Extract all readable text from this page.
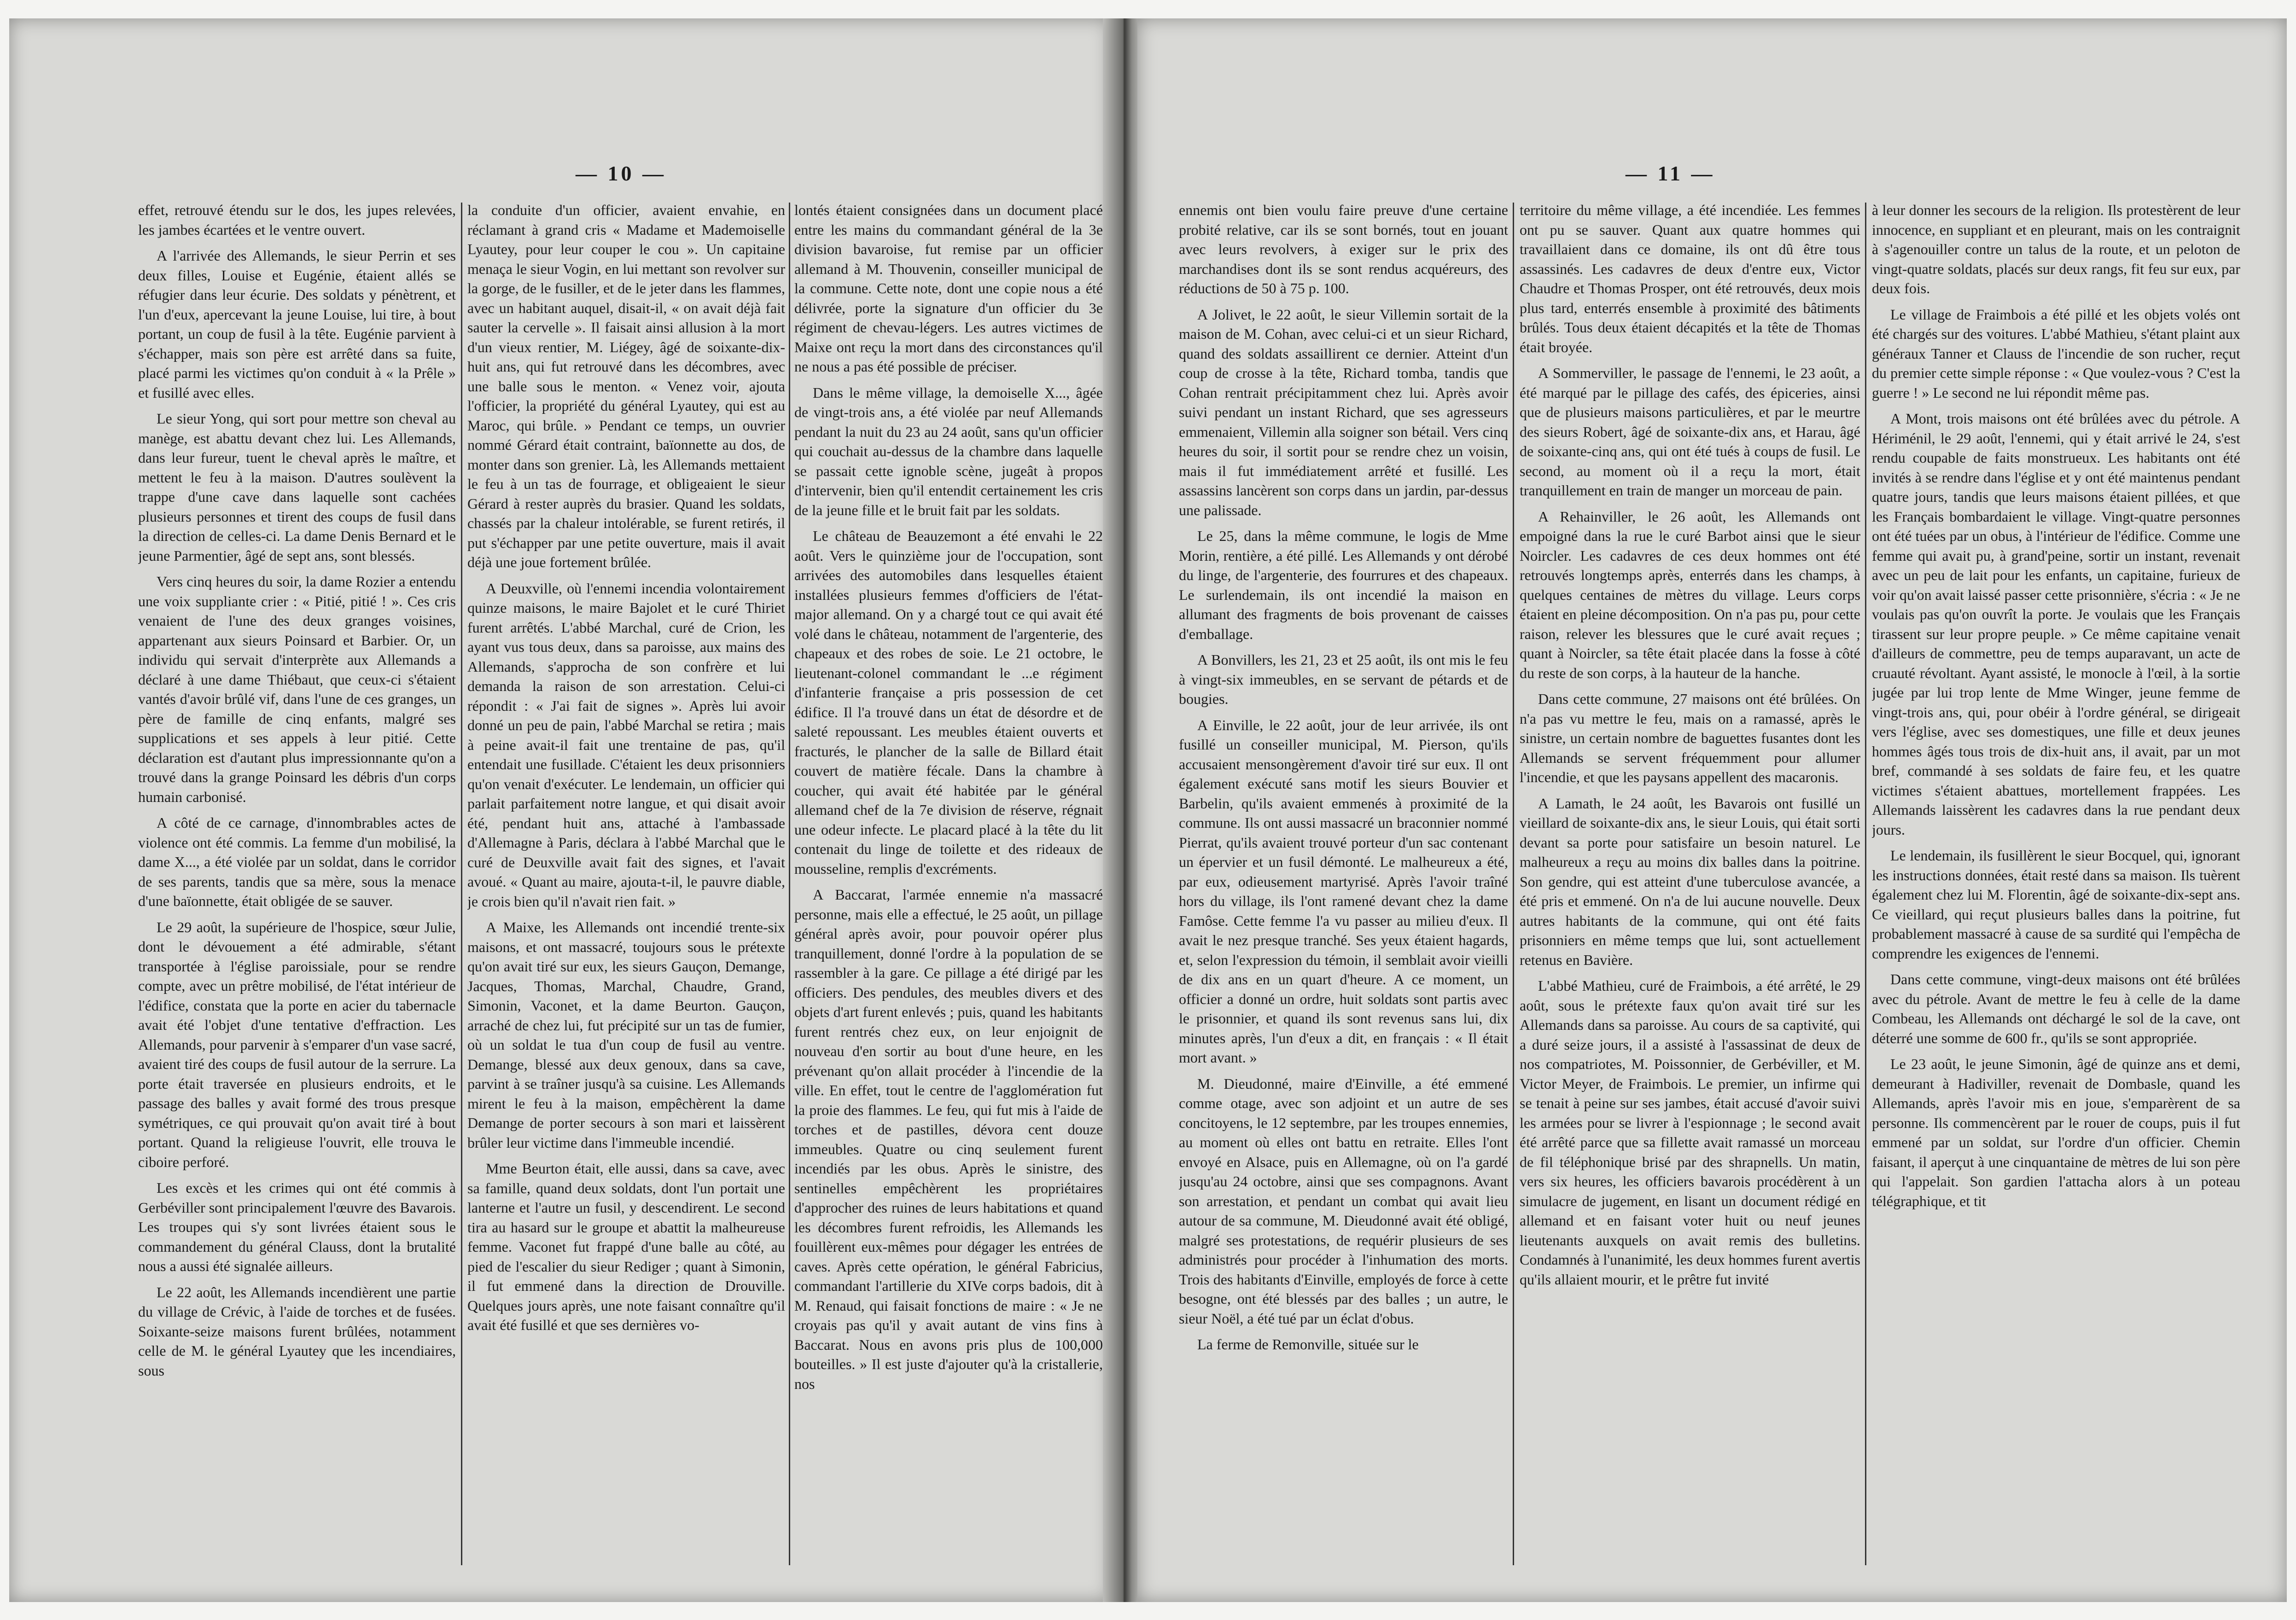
— 10 —

effet, retrouvé étendu sur le dos, les jupes relevées, les jambes écartées et le ventre ouvert.

A l'arrivée des Allemands, le sieur Perrin et ses deux filles, Louise et Eugénie, étaient allés se réfugier dans leur écurie. Des soldats y pénètrent, et l'un d'eux, apercevant la jeune Louise, lui tire, à bout portant, un coup de fusil à la tête. Eugénie parvient à s'échapper, mais son père est arrêté dans sa fuite, placé parmi les victimes qu'on conduit à « la Prêle » et fusillé avec elles.

Le sieur Yong, qui sort pour mettre son cheval au manège, est abattu devant chez lui. Les Allemands, dans leur fureur, tuent le cheval après le maître, et mettent le feu à la maison. D'autres soulèvent la trappe d'une cave dans laquelle sont cachées plusieurs personnes et tirent des coups de fusil dans la direction de celles-ci. La dame Denis Bernard et le jeune Parmentier, âgé de sept ans, sont blessés.

Vers cinq heures du soir, la dame Rozier a entendu une voix suppliante crier : « Pitié, pitié ! ». Ces cris venaient de l'une des deux granges voisines, appartenant aux sieurs Poinsard et Barbier. Or, un individu qui servait d'interprète aux Allemands a déclaré à une dame Thiébaut, que ceux-ci s'étaient vantés d'avoir brûlé vif, dans l'une de ces granges, un père de famille de cinq enfants, malgré ses supplications et ses appels à leur pitié. Cette déclaration est d'autant plus impressionnante qu'on a trouvé dans la grange Poinsard les débris d'un corps humain carbonisé.

A côté de ce carnage, d'innombrables actes de violence ont été commis. La femme d'un mobilisé, la dame X..., a été violée par un soldat, dans le corridor de ses parents, tandis que sa mère, sous la menace d'une baïonnette, était obligée de se sauver.

Le 29 août, la supérieure de l'hospice, sœur Julie, dont le dévouement a été admirable, s'étant transportée à l'église paroissiale, pour se rendre compte, avec un prêtre mobilisé, de l'état intérieur de l'édifice, constata que la porte en acier du tabernacle avait été l'objet d'une tentative d'effraction. Les Allemands, pour parvenir à s'emparer d'un vase sacré, avaient tiré des coups de fusil autour de la serrure. La porte était traversée en plusieurs endroits, et le passage des balles y avait formé des trous presque symétriques, ce qui prouvait qu'on avait tiré à bout portant. Quand la religieuse l'ouvrit, elle trouva le ciboire perforé.

Les excès et les crimes qui ont été commis à Gerbéviller sont principalement l'œuvre des Bavarois. Les troupes qui s'y sont livrées étaient sous le commandement du général Clauss, dont la brutalité nous a aussi été signalée ailleurs.

Le 22 août, les Allemands incendièrent une partie du village de Crévic, à l'aide de torches et de fusées. Soixante-seize maisons furent brûlées, notamment celle de M. le général Lyautey que les incendiaires, sous

la conduite d'un officier, avaient envahie, en réclamant à grand cris « Madame et Mademoiselle Lyautey, pour leur couper le cou ». Un capitaine menaça le sieur Vogin, en lui mettant son revolver sur la gorge, de le fusiller, et de le jeter dans les flammes, avec un habitant auquel, disait-il, « on avait déjà fait sauter la cervelle ». Il faisait ainsi allusion à la mort d'un vieux rentier, M. Liégey, âgé de soixante-dix-huit ans, qui fut retrouvé dans les décombres, avec une balle sous le menton. « Venez voir, ajouta l'officier, la propriété du général Lyautey, qui est au Maroc, qui brûle. » Pendant ce temps, un ouvrier nommé Gérard était contraint, baïonnette au dos, de monter dans son grenier. Là, les Allemands mettaient le feu à un tas de fourrage, et obligeaient le sieur Gérard à rester auprès du brasier. Quand les soldats, chassés par la chaleur intolérable, se furent retirés, il put s'échapper par une petite ouverture, mais il avait déjà une joue fortement brûlée.

A Deuxville, où l'ennemi incendia volontairement quinze maisons, le maire Bajolet et le curé Thiriet furent arrêtés. L'abbé Marchal, curé de Crion, les ayant vus tous deux, dans sa paroisse, aux mains des Allemands, s'approcha de son confrère et lui demanda la raison de son arrestation. Celui-ci répondit : « J'ai fait de signes ». Après lui avoir donné un peu de pain, l'abbé Marchal se retira ; mais à peine avait-il fait une trentaine de pas, qu'il entendait une fusillade. C'étaient les deux prisonniers qu'on venait d'exécuter. Le lendemain, un officier qui parlait parfaitement notre langue, et qui disait avoir été, pendant huit ans, attaché à l'ambassade d'Allemagne à Paris, déclara à l'abbé Marchal que le curé de Deuxville avait fait des signes, et l'avait avoué. « Quant au maire, ajouta-t-il, le pauvre diable, je crois bien qu'il n'avait rien fait. »

A Maixe, les Allemands ont incendié trente-six maisons, et ont massacré, toujours sous le prétexte qu'on avait tiré sur eux, les sieurs Gauçon, Demange, Jacques, Thomas, Marchal, Chaudre, Grand, Simonin, Vaconet, et la dame Beurton. Gauçon, arraché de chez lui, fut précipité sur un tas de fumier, où un soldat le tua d'un coup de fusil au ventre. Demange, blessé aux deux genoux, dans sa cave, parvint à se traîner jusqu'à sa cuisine. Les Allemands mirent le feu à la maison, empêchèrent la dame Demange de porter secours à son mari et laissèrent brûler leur victime dans l'immeuble incendié.

Mme Beurton était, elle aussi, dans sa cave, avec sa famille, quand deux soldats, dont l'un portait une lanterne et l'autre un fusil, y descendirent. Le second tira au hasard sur le groupe et abattit la malheureuse femme. Vaconet fut frappé d'une balle au côté, au pied de l'escalier du sieur Rediger ; quant à Simonin, il fut emmené dans la direction de Drouville. Quelques jours après, une note faisant connaître qu'il avait été fusillé et que ses dernières vo-

lontés étaient consignées dans un document placé entre les mains du commandant général de la 3e division bavaroise, fut remise par un officier allemand à M. Thouvenin, conseiller municipal de la commune. Cette note, dont une copie nous a été délivrée, porte la signature d'un officier du 3e régiment de chevau-légers. Les autres victimes de Maixe ont reçu la mort dans des circonstances qu'il ne nous a pas été possible de préciser.

Dans le même village, la demoiselle X..., âgée de vingt-trois ans, a été violée par neuf Allemands pendant la nuit du 23 au 24 août, sans qu'un officier qui couchait au-dessus de la chambre dans laquelle se passait cette ignoble scène, jugeât à propos d'intervenir, bien qu'il entendit certainement les cris de la jeune fille et le bruit fait par les soldats.

Le château de Beauzemont a été envahi le 22 août. Vers le quinzième jour de l'occupation, sont arrivées des automobiles dans lesquelles étaient installées plusieurs femmes d'officiers de l'état-major allemand. On y a chargé tout ce qui avait été volé dans le château, notamment de l'argenterie, des chapeaux et des robes de soie. Le 21 octobre, le lieutenant-colonel commandant le ...e régiment d'infanterie française a pris possession de cet édifice. Il l'a trouvé dans un état de désordre et de saleté repoussant. Les meubles étaient ouverts et fracturés, le plancher de la salle de Billard était couvert de matière fécale. Dans la chambre à coucher, qui avait été habitée par le général allemand chef de la 7e division de réserve, régnait une odeur infecte. Le placard placé à la tête du lit contenait du linge de toilette et des rideaux de mousseline, remplis d'excréments.

A Baccarat, l'armée ennemie n'a massacré personne, mais elle a effectué, le 25 août, un pillage général après avoir, pour pouvoir opérer plus tranquillement, donné l'ordre à la population de se rassembler à la gare. Ce pillage a été dirigé par les officiers. Des pendules, des meubles divers et des objets d'art furent enlevés ; puis, quand les habitants furent rentrés chez eux, on leur enjoignit de nouveau d'en sortir au bout d'une heure, en les prévenant qu'on allait procéder à l'incendie de la ville. En effet, tout le centre de l'agglomération fut la proie des flammes. Le feu, qui fut mis à l'aide de torches et de pastilles, dévora cent douze immeubles. Quatre ou cinq seulement furent incendiés par les obus. Après le sinistre, des sentinelles empêchèrent les propriétaires d'approcher des ruines de leurs habitations et quand les décombres furent refroidis, les Allemands les fouillèrent eux-mêmes pour dégager les entrées de caves. Après cette opération, le général Fabricius, commandant l'artillerie du XIVe corps badois, dit à M. Renaud, qui faisait fonctions de maire : « Je ne croyais pas qu'il y avait autant de vins fins à Baccarat. Nous en avons pris plus de 100,000 bouteilles. » Il est juste d'ajouter qu'à la cristallerie, nos

— 11 —

ennemis ont bien voulu faire preuve d'une certaine probité relative, car ils se sont bornés, tout en jouant avec leurs revolvers, à exiger sur le prix des marchandises dont ils se sont rendus acquéreurs, des réductions de 50 à 75 p. 100.

A Jolivet, le 22 août, le sieur Villemin sortait de la maison de M. Cohan, avec celui-ci et un sieur Richard, quand des soldats assaillirent ce dernier. Atteint d'un coup de crosse à la tête, Richard tomba, tandis que Cohan rentrait précipitamment chez lui. Après avoir suivi pendant un instant Richard, que ses agresseurs emmenaient, Villemin alla soigner son bétail. Vers cinq heures du soir, il sortit pour se rendre chez un voisin, mais il fut immédiatement arrêté et fusillé. Les assassins lancèrent son corps dans un jardin, par-dessus une palissade.

Le 25, dans la même commune, le logis de Mme Morin, rentière, a été pillé. Les Allemands y ont dérobé du linge, de l'argenterie, des fourrures et des chapeaux. Le surlendemain, ils ont incendié la maison en allumant des fragments de bois provenant de caisses d'emballage.

A Bonvillers, les 21, 23 et 25 août, ils ont mis le feu à vingt-six immeubles, en se servant de pétards et de bougies.

A Einville, le 22 août, jour de leur arrivée, ils ont fusillé un conseiller municipal, M. Pierson, qu'ils accusaient mensongèrement d'avoir tiré sur eux. Il ont également exécuté sans motif les sieurs Bouvier et Barbelin, qu'ils avaient emmenés à proximité de la commune. Ils ont aussi massacré un braconnier nommé Pierrat, qu'ils avaient trouvé porteur d'un sac contenant un épervier et un fusil démonté. Le malheureux a été, par eux, odieusement martyrisé. Après l'avoir traîné hors du village, ils l'ont ramené devant chez la dame Famôse. Cette femme l'a vu passer au milieu d'eux. Il avait le nez presque tranché. Ses yeux étaient hagards, et, selon l'expression du témoin, il semblait avoir vieilli de dix ans en un quart d'heure. A ce moment, un officier a donné un ordre, huit soldats sont partis avec le prisonnier, et quand ils sont revenus sans lui, dix minutes après, l'un d'eux a dit, en français : « Il était mort avant. »

M. Dieudonné, maire d'Einville, a été emmené comme otage, avec son adjoint et un autre de ses concitoyens, le 12 septembre, par les troupes ennemies, au moment où elles ont battu en retraite. Elles l'ont envoyé en Alsace, puis en Allemagne, où on l'a gardé jusqu'au 24 octobre, ainsi que ses compagnons. Avant son arrestation, et pendant un combat qui avait lieu autour de sa commune, M. Dieudonné avait été obligé, malgré ses protestations, de requérir plusieurs de ses administrés pour procéder à l'inhumation des morts. Trois des habitants d'Einville, employés de force à cette besogne, ont été blessés par des balles ; un autre, le sieur Noël, a été tué par un éclat d'obus.

La ferme de Remonville, située sur le

territoire du même village, a été incendiée. Les femmes ont pu se sauver. Quant aux quatre hommes qui travaillaient dans ce domaine, ils ont dû être tous assassinés. Les cadavres de deux d'entre eux, Victor Chaudre et Thomas Prosper, ont été retrouvés, deux mois plus tard, enterrés ensemble à proximité des bâtiments brûlés. Tous deux étaient décapités et la tête de Thomas était broyée.

A Sommerviller, le passage de l'ennemi, le 23 août, a été marqué par le pillage des cafés, des épiceries, ainsi que de plusieurs maisons particulières, et par le meurtre des sieurs Robert, âgé de soixante-dix ans, et Harau, âgé de soixante-cinq ans, qui ont été tués à coups de fusil. Le second, au moment où il a reçu la mort, était tranquillement en train de manger un morceau de pain.

A Rehainviller, le 26 août, les Allemands ont empoigné dans la rue le curé Barbot ainsi que le sieur Noircler. Les cadavres de ces deux hommes ont été retrouvés longtemps après, enterrés dans les champs, à quelques centaines de mètres du village. Leurs corps étaient en pleine décomposition. On n'a pas pu, pour cette raison, relever les blessures que le curé avait reçues ; quant à Noircler, sa tête était placée dans la fosse à côté du reste de son corps, à la hauteur de la hanche.

Dans cette commune, 27 maisons ont été brûlées. On n'a pas vu mettre le feu, mais on a ramassé, après le sinistre, un certain nombre de baguettes fusantes dont les Allemands se servent fréquemment pour allumer l'incendie, et que les paysans appellent des macaronis.

A Lamath, le 24 août, les Bavarois ont fusillé un vieillard de soixante-dix ans, le sieur Louis, qui était sorti devant sa porte pour satisfaire un besoin naturel. Le malheureux a reçu au moins dix balles dans la poitrine. Son gendre, qui est atteint d'une tuberculose avancée, a été pris et emmené. On n'a de lui aucune nouvelle. Deux autres habitants de la commune, qui ont été faits prisonniers en même temps que lui, sont actuellement retenus en Bavière.

L'abbé Mathieu, curé de Fraimbois, a été arrêté, le 29 août, sous le prétexte faux qu'on avait tiré sur les Allemands dans sa paroisse. Au cours de sa captivité, qui a duré seize jours, il a assisté à l'assassinat de deux de nos compatriotes, M. Poissonnier, de Gerbéviller, et M. Victor Meyer, de Fraimbois. Le premier, un infirme qui se tenait à peine sur ses jambes, était accusé d'avoir suivi les armées pour se livrer à l'espionnage ; le second avait été arrêté parce que sa fillette avait ramassé un morceau de fil téléphonique brisé par des shrapnells. Un matin, vers six heures, les officiers bavarois procédèrent à un simulacre de jugement, en lisant un document rédigé en allemand et en faisant voter huit ou neuf jeunes lieutenants auxquels on avait remis des bulletins. Condamnés à l'unanimité, les deux hommes furent avertis qu'ils allaient mourir, et le prêtre fut invité

à leur donner les secours de la religion. Ils protestèrent de leur innocence, en suppliant et en pleurant, mais on les contraignit à s'agenouiller contre un talus de la route, et un peloton de vingt-quatre soldats, placés sur deux rangs, fit feu sur eux, par deux fois.

Le village de Fraimbois a été pillé et les objets volés ont été chargés sur des voitures. L'abbé Mathieu, s'étant plaint aux généraux Tanner et Clauss de l'incendie de son rucher, reçut du premier cette simple réponse : « Que voulez-vous ? C'est la guerre ! » Le second ne lui répondit même pas.

A Mont, trois maisons ont été brûlées avec du pétrole. A Hériménil, le 29 août, l'ennemi, qui y était arrivé le 24, s'est rendu coupable de faits monstrueux. Les habitants ont été invités à se rendre dans l'église et y ont été maintenus pendant quatre jours, tandis que leurs maisons étaient pillées, et que les Français bombardaient le village. Vingt-quatre personnes ont été tuées par un obus, à l'intérieur de l'édifice. Comme une femme qui avait pu, à grand'peine, sortir un instant, revenait avec un peu de lait pour les enfants, un capitaine, furieux de voir qu'on avait laissé passer cette prisonnière, s'écria : « Je ne voulais pas qu'on ouvrît la porte. Je voulais que les Français tirassent sur leur propre peuple. » Ce même capitaine venait d'ailleurs de commettre, peu de temps auparavant, un acte de cruauté révoltant. Ayant assisté, le monocle à l'œil, à la sortie jugée par lui trop lente de Mme Winger, jeune femme de vingt-trois ans, qui, pour obéir à l'ordre général, se dirigeait vers l'église, avec ses domestiques, une fille et deux jeunes hommes âgés tous trois de dix-huit ans, il avait, par un mot bref, commandé à ses soldats de faire feu, et les quatre victimes s'étaient abattues, mortellement frappées. Les Allemands laissèrent les cadavres dans la rue pendant deux jours.

Le lendemain, ils fusillèrent le sieur Bocquel, qui, ignorant les instructions données, était resté dans sa maison. Ils tuèrent également chez lui M. Florentin, âgé de soixante-dix-sept ans. Ce vieillard, qui reçut plusieurs balles dans la poitrine, fut probablement massacré à cause de sa surdité qui l'empêcha de comprendre les exigences de l'ennemi.

Dans cette commune, vingt-deux maisons ont été brûlées avec du pétrole. Avant de mettre le feu à celle de la dame Combeau, les Allemands ont déchargé le sol de la cave, ont déterré une somme de 600 fr., qu'ils se sont appropriée.

Le 23 août, le jeune Simonin, âgé de quinze ans et demi, demeurant à Hadiviller, revenait de Dombasle, quand les Allemands, après l'avoir mis en joue, s'emparèrent de sa personne. Ils commencèrent par le rouer de coups, puis il fut emmené par un soldat, sur l'ordre d'un officier. Chemin faisant, il aperçut à une cinquantaine de mètres de lui son père qui l'appelait. Son gardien l'attacha alors à un poteau télégraphique, et tit
